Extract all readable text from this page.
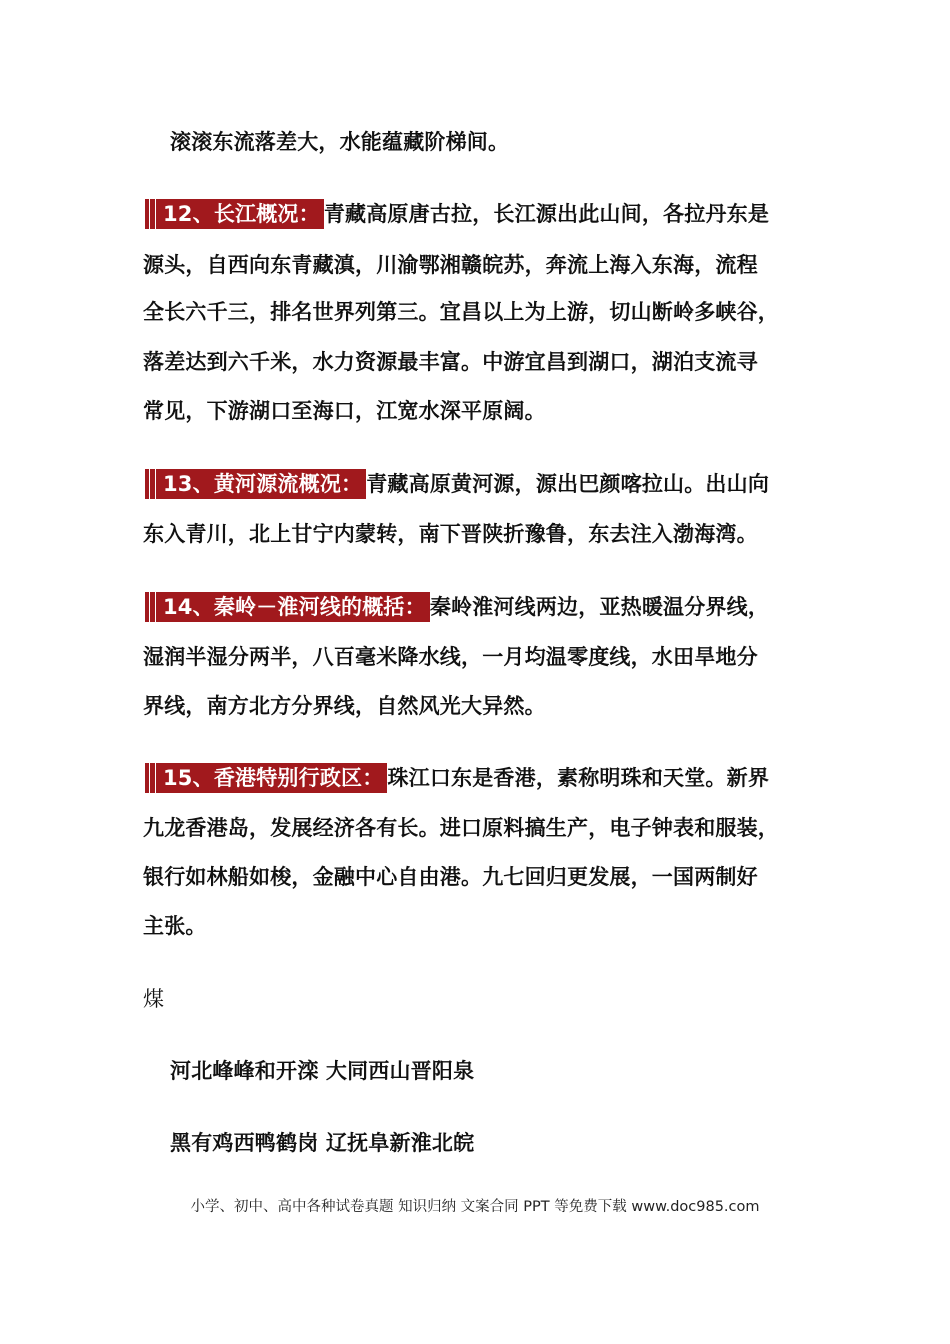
滚滚东流落差大，水能蕴藏阶梯间。
12、长江概况： 青藏高原唐古拉，长江源出此山间，各拉丹东是
源头，自西向东青藏滇，川渝鄂湘赣皖苏，奔流上海入东海，流程
全长六千三，排名世界列第三。宜昌以上为上游，切山断岭多峡谷，
落差达到六千米，水力资源最丰富。中游宜昌到湖口，湖泊支流寻
常见，下游湖口至海口，江宽水深平原阔。
13、黄河源流概况： 青藏高原黄河源，源出巴颜喀拉山。出山向
东入青川，北上甘宁内蒙转，南下晋陕折豫鲁，东去注入渤海湾。
14、秦岭－淮河线的概括： 秦岭淮河线两边，亚热暖温分界线，
湿润半湿分两半，八百毫米降水线，一月均温零度线，水田旱地分
界线，南方北方分界线，自然风光大异然。
15、香港特别行政区： 珠江口东是香港，素称明珠和天堂。新界
九龙香港岛，发展经济各有长。进口原料搞生产，电子钟表和服装，
银行如林船如梭，金融中心自由港。九七回归更发展，一国两制好
主张。
煤
河北峰峰和开滦 大同西山晋阳泉
黑有鸡西鸭鹤岗 辽抚阜新淮北皖
小学、初中、高中各种试卷真题 知识归纳 文案合同 PPT 等免费下载 www.doc985.com
